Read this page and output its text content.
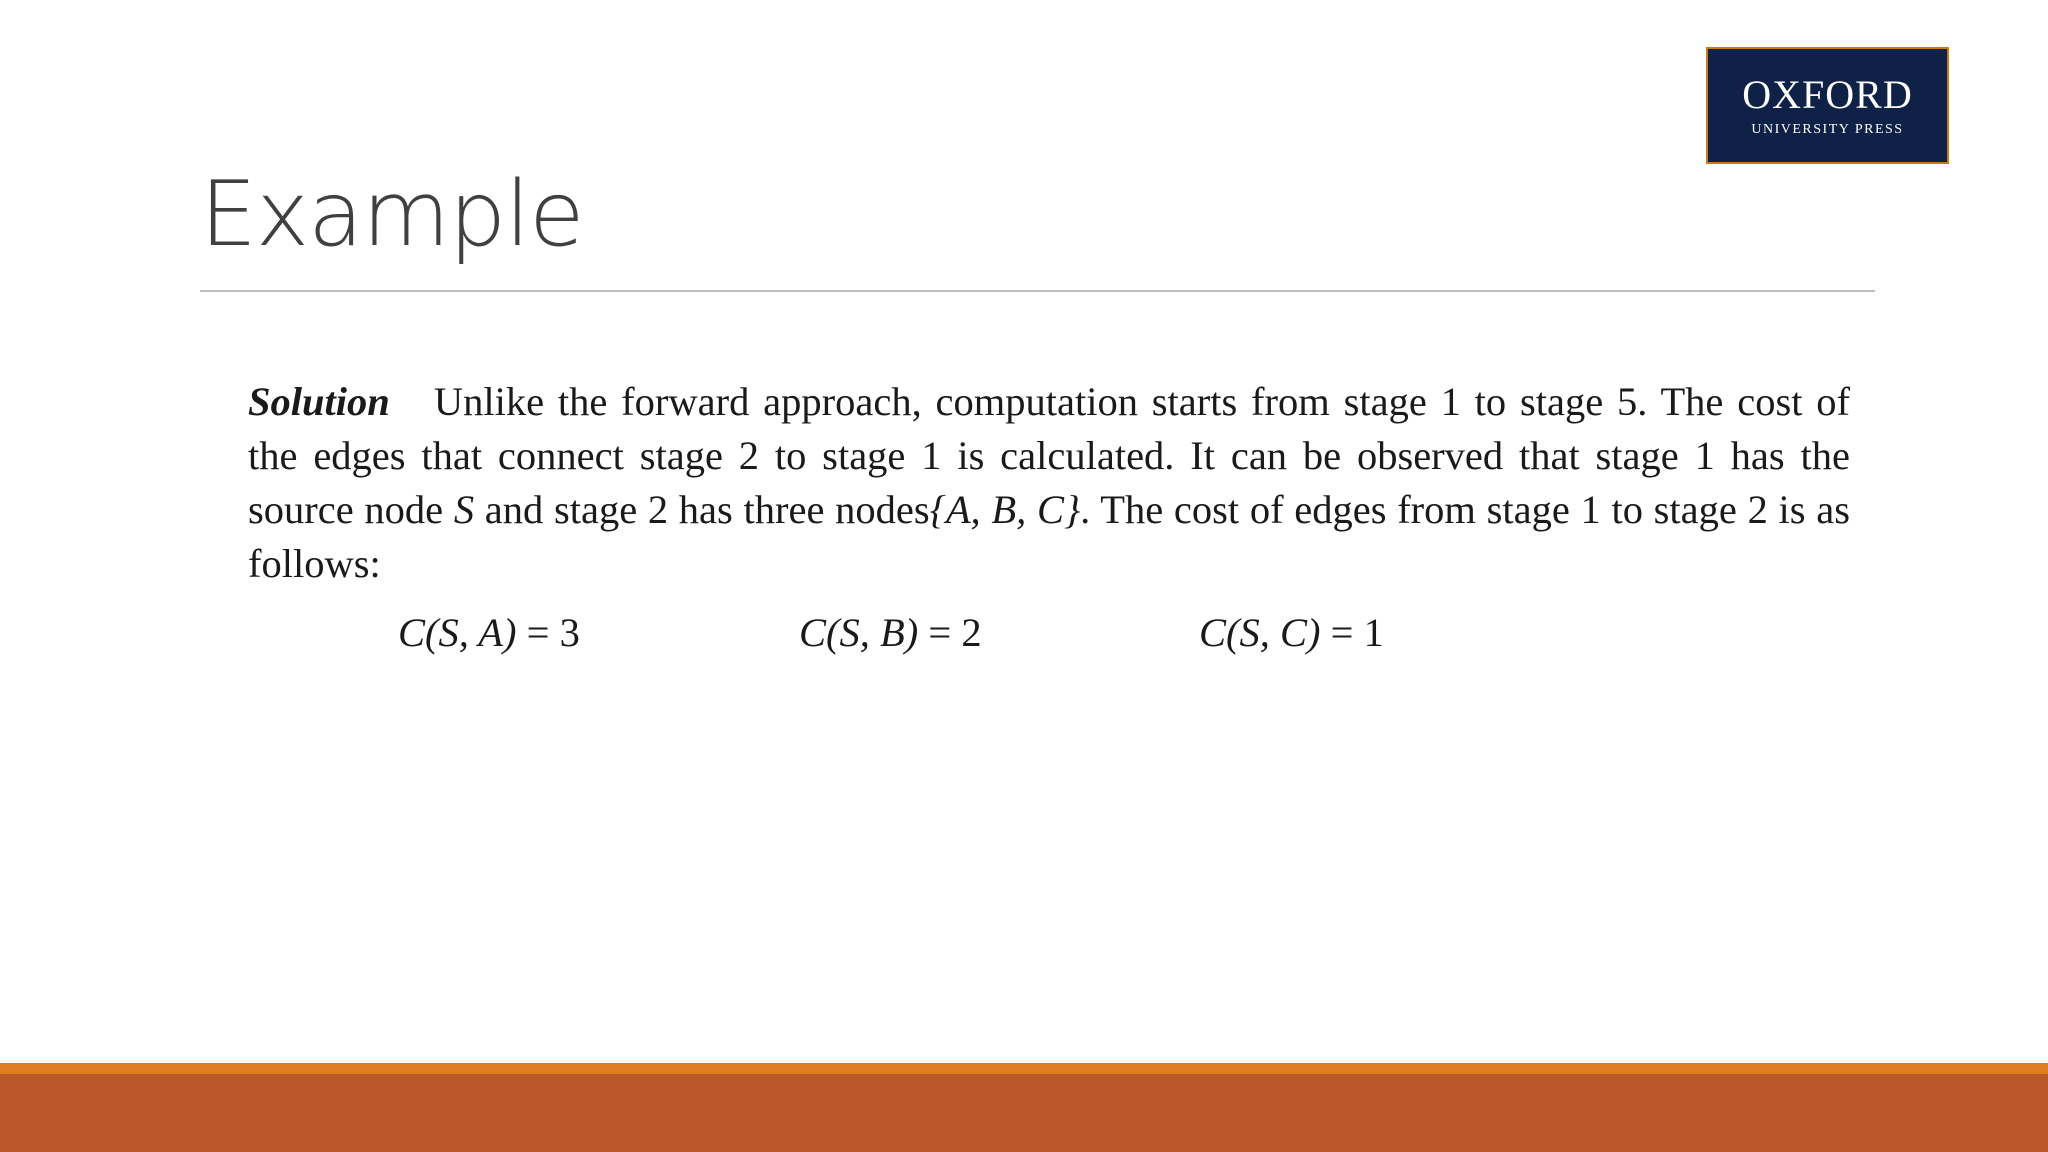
OXFORD
UNIVERSITY PRESS
Example
Solution Unlike the forward approach, computation starts from stage 1 to stage 5. The cost of the edges that connect stage 2 to stage 1 is calculated. It can be observed that stage 1 has the source node S and stage 2 has three nodes{A, B, C}. The cost of edges from stage 1 to stage 2 is as follows:
C(S, A) = 3	C(S, B) = 2	C(S, C) = 1
